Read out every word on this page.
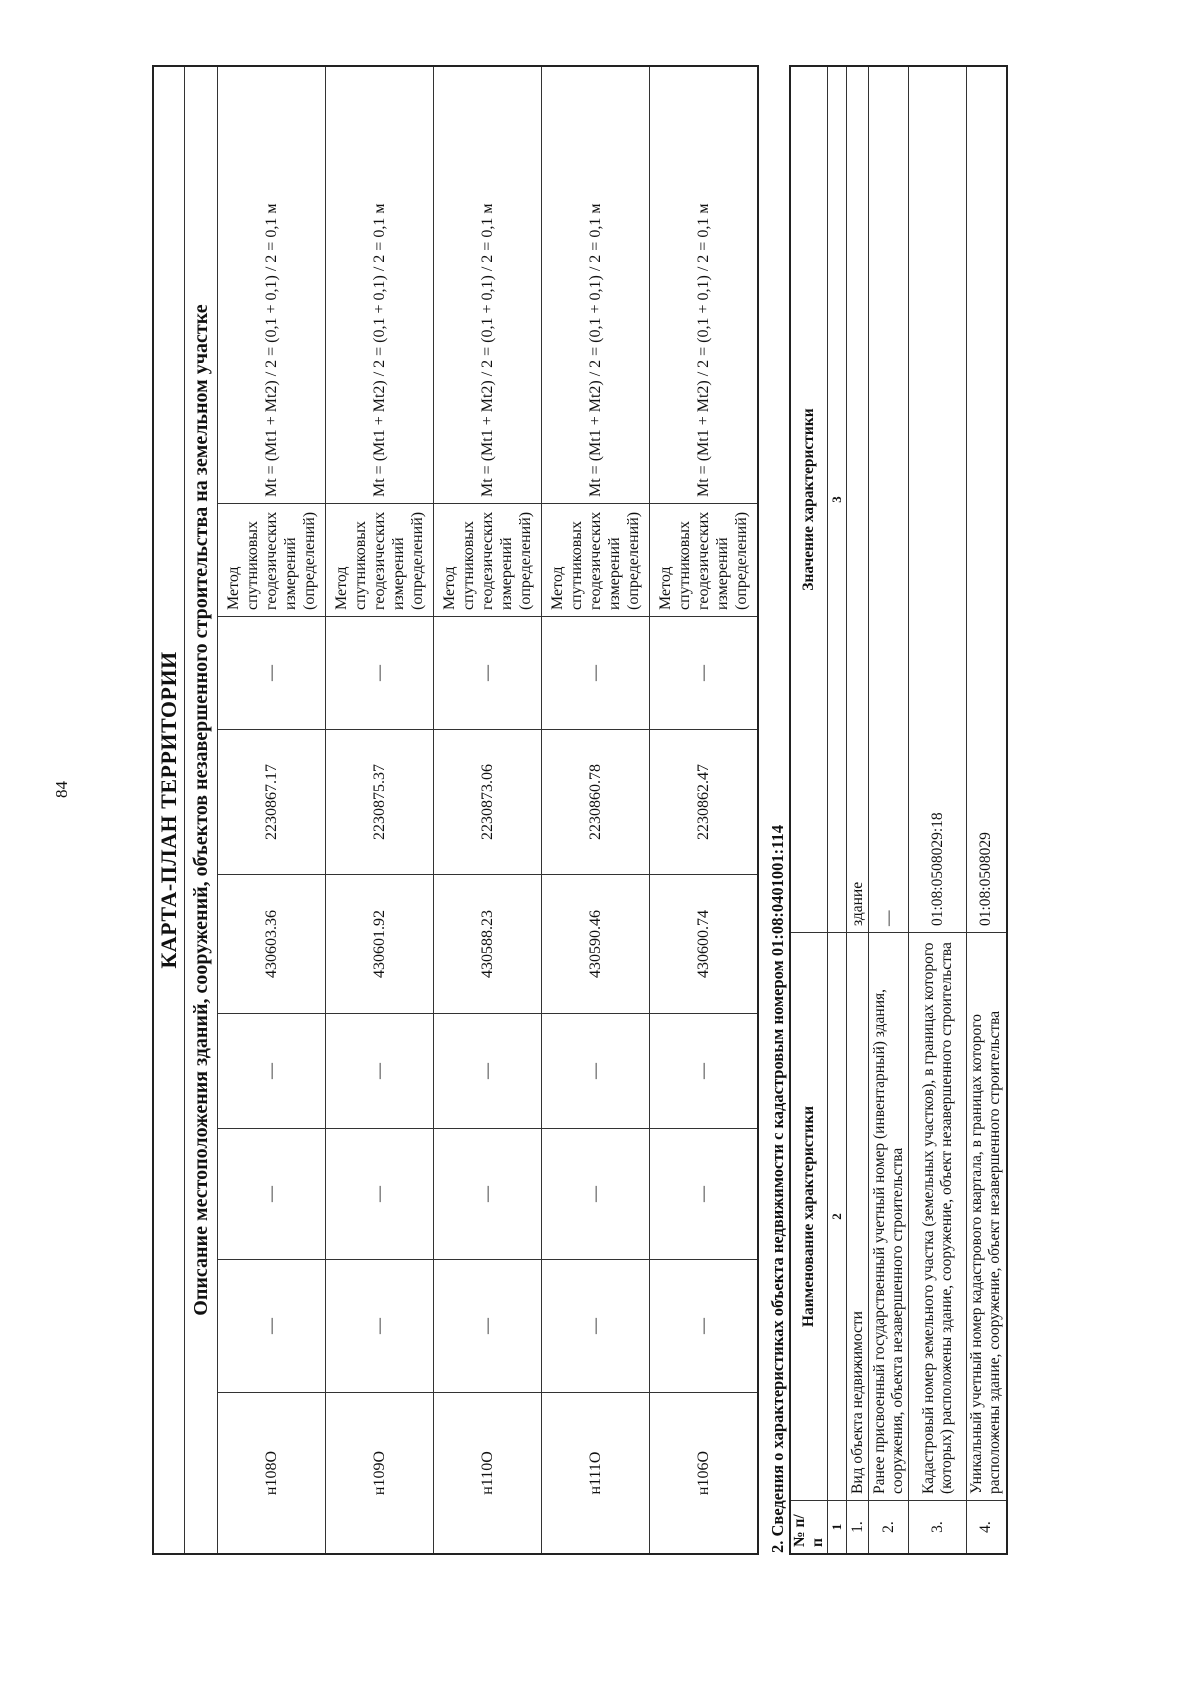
84	КАРТА-ПЛАН ТЕРРИТОРИИ								
Описание местоположения зданий, сооружений, объектов незавершенного строительства на земельном участке								
н108О	—	—	—	430603.36	2230867.17	—	Метод спутниковых геодезических измерений (определений)	Mt = (Mt1 + Mt2) / 2 = (0,1 + 0,1) / 2 = 0,1 м
н109О	—	—	—	430601.92	2230875.37	—	Метод спутниковых геодезических измерений (определений)	Mt = (Mt1 + Mt2) / 2 = (0,1 + 0,1) / 2 = 0,1 м
н110О	—	—	—	430588.23	2230873.06	—	Метод спутниковых геодезических измерений (определений)	Mt = (Mt1 + Mt2) / 2 = (0,1 + 0,1) / 2 = 0,1 м
н111О	—	—	—	430590.46	2230860.78	—	Метод спутниковых геодезических измерений (определений)	Mt = (Mt1 + Mt2) / 2 = (0,1 + 0,1) / 2 = 0,1 м
н106О	—	—	—	430600.74	2230862.47	—	Метод спутниковых геодезических измерений (определений)	Mt = (Mt1 + Mt2) / 2 = (0,1 + 0,1) / 2 = 0,1 м
2. Сведения о характеристиках объекта недвижимости с кадастровым номером 01:08:0401001:114 № п/п	Наименование характеристики	Значение характеристики
1	2	3
1.	Вид объекта недвижимости	здание
2.	Ранее присвоенный государственный учетный номер (инвентарный) здания, сооружения, объекта незавершенного строительства	—
3.	Кадастровый номер земельного участка (земельных участков), в границах которого (которых) расположены здание, сооружение, объект незавершенного строительства	01:08:0508029:18
4.	Уникальный учетный номер кадастрового квартала, в границах которого расположены здание, сооружение, объект незавершенного строительства	01:08:0508029
